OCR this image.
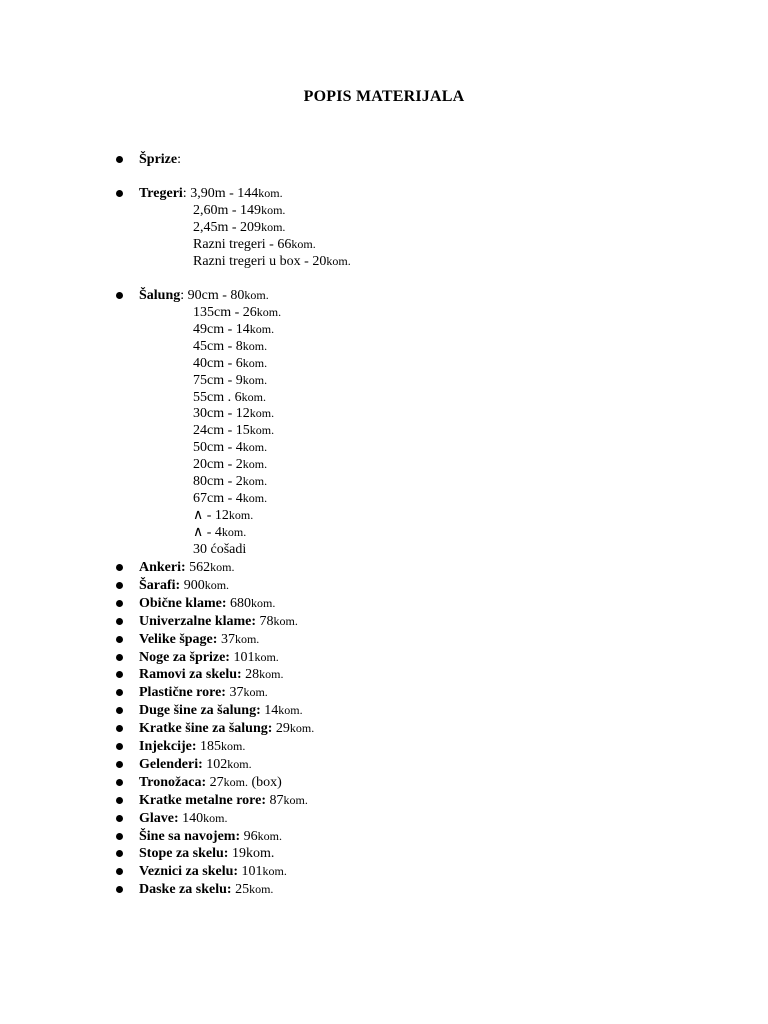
POPIS MATERIJALA
Šprize:
Tregeri: 3,90m - 144kom.
2,60m - 149kom.
2,45m - 209kom.
Razni tregeri - 66kom.
Razni tregeri u box - 20kom.
Šalung: 90cm - 80kom.
135cm - 26kom.
49cm - 14kom.
45cm - 8kom.
40cm - 6kom.
75cm - 9kom.
55cm . 6kom.
30cm - 12kom.
24cm - 15kom.
50cm - 4kom.
20cm - 2kom.
80cm - 2kom.
67cm - 4kom.
∧ - 12kom.
∧ - 4kom.
30 ćošadi
Ankeri: 562kom.
Šarafi: 900kom.
Obične klame: 680kom.
Univerzalne klame: 78kom.
Velike špage: 37kom.
Noge za šprize: 101kom.
Ramovi za skelu: 28kom.
Plastične rore: 37kom.
Duge šine za šalung: 14kom.
Kratke šine za šalung: 29kom.
Injekcije: 185kom.
Gelenderi: 102kom.
Tronožaca: 27kom. (box)
Kratke metalne rore: 87kom.
Glave: 140kom.
Šine sa navojem: 96kom.
Stope za skelu: 19kom.
Veznici za skelu: 101kom.
Daske za skelu: 25kom.
